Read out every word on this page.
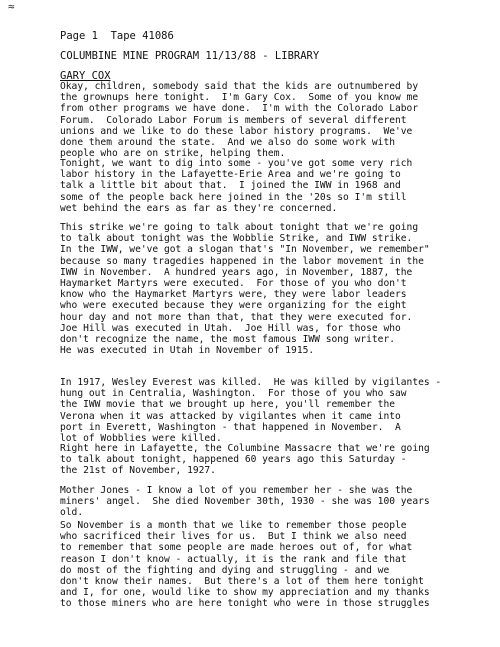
≈
Page 1  Tape 41086
COLUMBINE MINE PROGRAM 11/13/88 - LIBRARY
GARY COX
Okay, children, somebody said that the kids are outnumbered by
the grownups here tonight.  I'm Gary Cox.  Some of you know me
from other programs we have done.  I'm with the Colorado Labor
Forum.  Colorado Labor Forum is members of several different
unions and we like to do these labor history programs.  We've
done them around the state.  And we also do some work with
people who are on strike, helping them.
Tonight, we want to dig into some - you've got some very rich
labor history in the Lafayette-Erie Area and we're going to
talk a little bit about that.  I joined the IWW in 1968 and
some of the people back here joined in the '20s so I'm still
wet behind the ears as far as they're concerned.
This strike we're going to talk about tonight that we're going
to talk about tonight was the Wobblie Strike, and IWW strike.
In the IWW, we've got a slogan that's "In November, we remember"
because so many tragedies happened in the labor movement in the
IWW in November.  A hundred years ago, in November, 1887, the
Haymarket Martyrs were executed.  For those of you who don't
know who the Haymarket Martyrs were, they were labor leaders
who were executed because they were organizing for the eight
hour day and not more than that, that they were executed for.
Joe Hill was executed in Utah.  Joe Hill was, for those who
don't recognize the name, the most famous IWW song writer.
He was executed in Utah in November of 1915.
In 1917, Wesley Everest was killed.  He was killed by vigilantes -
hung out in Centralia, Washington.  For those of you who saw
the IWW movie that we brought up here, you'll remember the
Verona when it was attacked by vigilantes when it came into
port in Everett, Washington - that happened in November.  A
lot of Wobblies were killed.
Right here in Lafayette, the Columbine Massacre that we're going
to talk about tonight, happened 60 years ago this Saturday -
the 21st of November, 1927.
Mother Jones - I know a lot of you remember her - she was the
miners' angel.  She died November 30th, 1930 - she was 100 years
old.
So November is a month that we like to remember those people
who sacrificed their lives for us.  But I think we also need
to remember that some people are made heroes out of, for what
reason I don't know - actually, it is the rank and file that
do most of the fighting and dying and struggling - and we
don't know their names.  But there's a lot of them here tonight
and I, for one, would like to show my appreciation and my thanks
to those miners who are here tonight who were in those struggles
